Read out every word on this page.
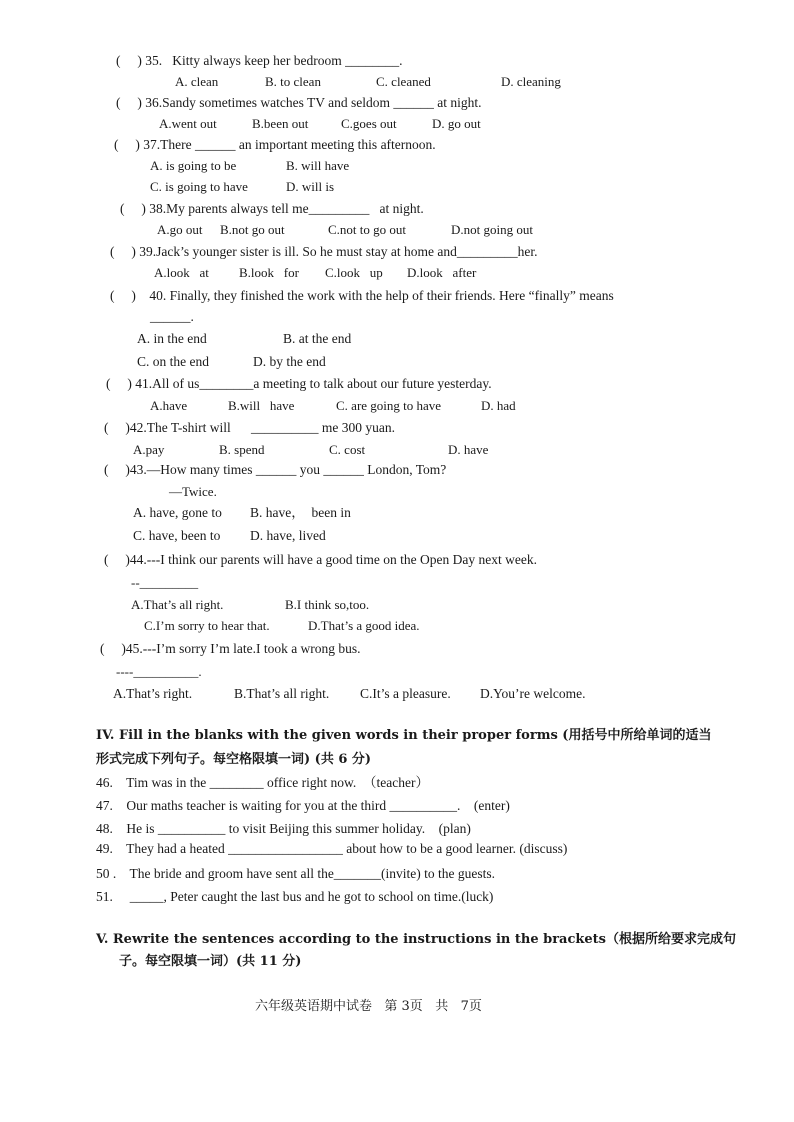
(     ) 35.   Kitty always keep her bedroom ________.
A. clean	B. to clean	C. cleaned	D. cleaning
(     ) 36.Sandy sometimes watches TV and seldom ______ at night.
A.went out	B.been out	C.goes out	D. go out
(     ) 37.There ______ an important meeting this afternoon.
A. is going to be	B. will have
C. is going to have	D. will is
(     ) 38.My parents always tell me_________   at night.
A.go out B.not go out	C.not to go out	D.not going out
(     ) 39.Jack’s younger sister is ill. So he must stay at home and_________her.
A.look   at B.look   for C.look   up D.look   after
(     )    40. Finally, they finished the work with the help of their friends. Here “finally” means
______.
A. in the end	B. at the end
C. on the end	D. by the end
(     ) 41.All of us________a meeting to talk about our future yesterday.
A.have	B.will   have	C. are going to have	D. had
(     )42.The T-shirt will      __________ me 300 yuan.
A.pay	B. spend	C. cost	D. have
(     )43.—How many times ______ you ______ London, Tom?
—Twice.
A. have, gone to B. have，  been in
C. have, been to D. have, lived
(     )44.---I think our parents will have a good time on the Open Day next week.
--_________
A.That’s all right.	B.I think so,too.
C.I’m sorry to hear that.	D.That’s a good idea.
(     )45.---I’m sorry I’m late.I took a wrong bus.
----__________.
A.That’s right.	B.That’s all right. C.It’s a pleasure. D.You’re welcome.
IV. Fill in the blanks with the given words in their proper forms (用括号中所给单词的适当
形式完成下列句子。每空格限填一词) (共 6 分)
46.    Tim was in the ________ office right now.  （teacher）
47.    Our maths teacher is waiting for you at the third __________.    (enter)
48.    He is __________ to visit Beijing this summer holiday.    (plan)
49.    They had a heated _________________ about how to be a good learner. (discuss)
50 .    The bride and groom have sent all the_______(invite) to the guests.
51.     _____, Peter caught the last bus and he got to school on time.(luck)
V. Rewrite the sentences according to the instructions in the brackets（根据所给要求完成句
子。每空限填一词）(共 11 分)
六年级英语期中试卷   第 3页   共   7页
